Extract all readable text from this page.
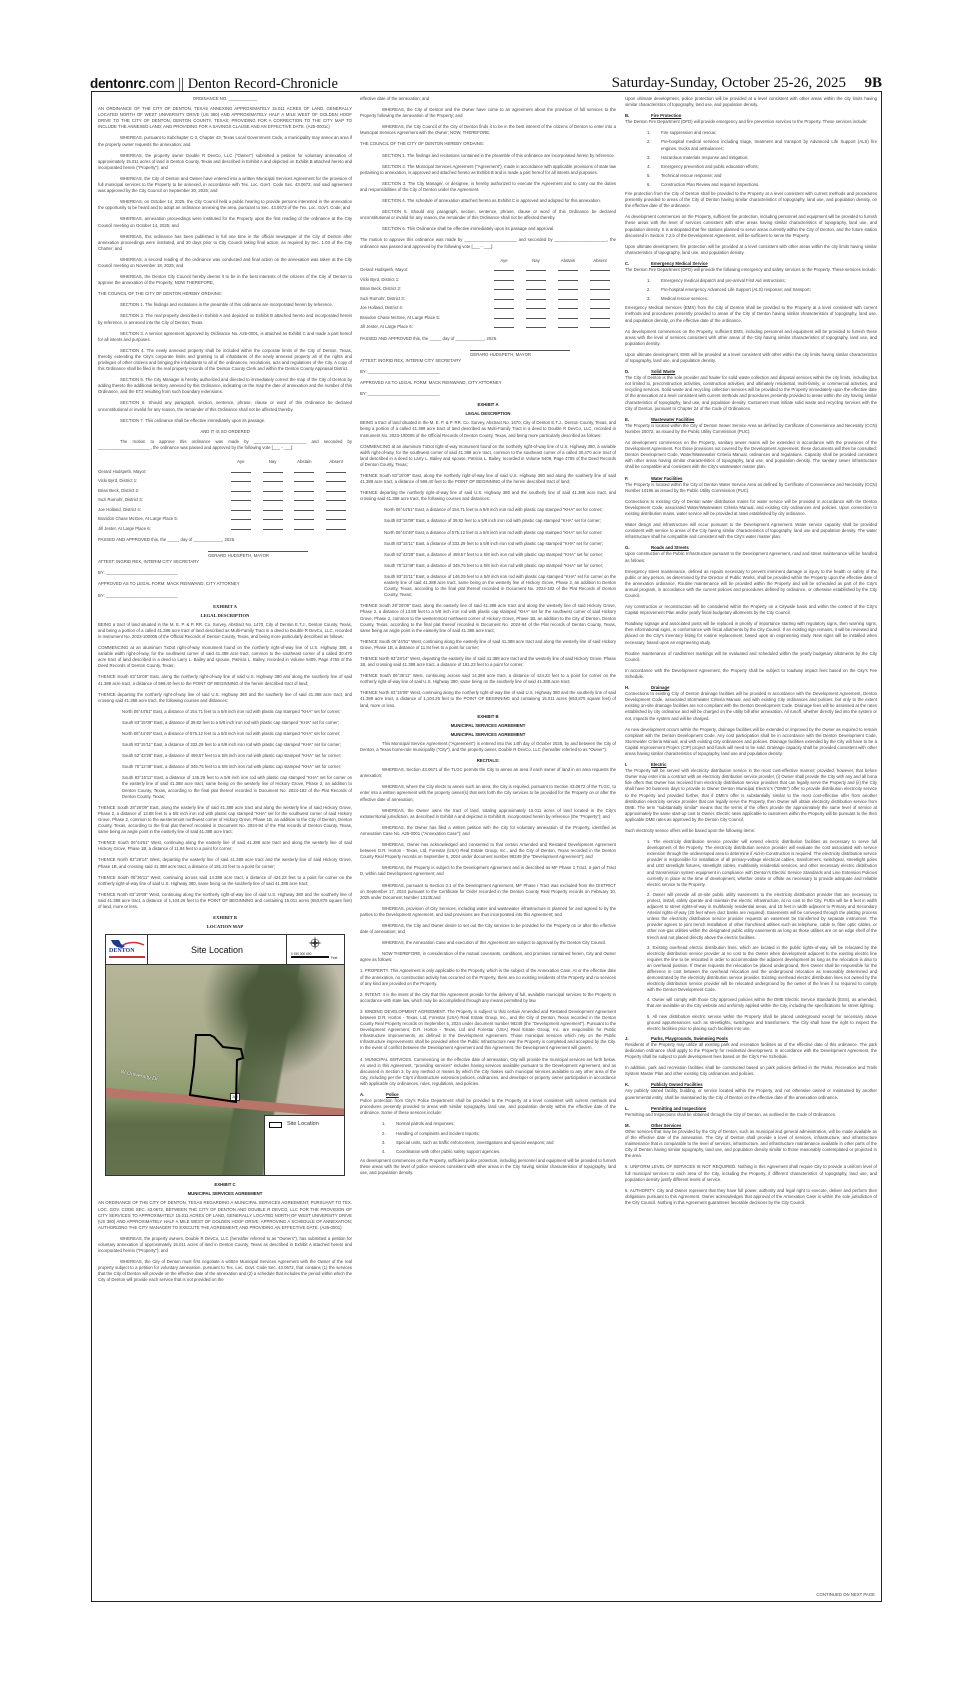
dentonrc.com || Denton Record-Chronicle	Saturday-Sunday, October 25-26, 2025 9B
ORDINANCE NO. ____________
AN ORDINANCE OF THE CITY OF DENTON, TEXAS ANNEXING APPROXIMATELY 15.011 ACRES OF LAND, GENERALLY LOCATED NORTH OF WEST UNIVERSITY DRIVE (US 380) AND APPROXIMATELY HALF A MILE WEST OF GOLDEN HOOF DRIVE TO THE CITY OF DENTON, DENTON COUNTY, TEXAS; PROVIDING FOR A CORRECTION TO THE CITY MAP TO INCLUDE THE ANNEXED LAND; AND PROVIDING FOR A SAVINGS CLAUSE AND AN EFFECTIVE DATE. (A25-0001c)
WHEREAS, pursuant to Subchapter C-3, Chapter 43, Texas Local Government Code, a municipality may annex an area if the property owner requests the annexation; and
WHEREAS, the property owner Double R DevCo, LLC ("Owner") submitted a petition for voluntary annexation of approximately 15.011 acres of land in Denton County, Texas and described in Exhibit A and depicted on Exhibit B attached hereto and incorporated herein ("Property"); and
WHEREAS, the City of Denton and Owner have entered into a written Municipal Services Agreement for the provision of full municipal services to the Property to be annexed, in accordance with Tex. Loc. Gov't. Code Sec. 43.0672, and said agreement was approved by the City Council on September 30, 2025; and
WHEREAS, on October 14, 2025, the City Council held a public hearing to provide persons interested in the annexation the opportunity to be heard and to adopt an ordinance annexing the area, pursuant to Sec. 43.0673 of the Tex. Loc. Gov't. Code; and
WHEREAS, annexation proceedings were instituted for the Property upon the first reading of the ordinance at the City Council meeting on October 14, 2025; and
WHEREAS, this ordinance has been published in full one time in the official newspaper of the City of Denton after annexation proceedings were instituted, and 30 days prior to City Council taking final action, as required by Sec. 1.03 of the City Charter; and
WHEREAS, a second reading of the ordinance was conducted and final action on the annexation was taken at the City Council meeting on November 18, 2025; and
WHEREAS, the Denton City Council hereby deems it to be in the best interests of the citizens of the City of Denton to approve the annexation of the Property; NOW THEREFORE,
THE COUNCIL OF THE CITY OF DENTON HEREBY ORDAINS:
SECTION 1. The findings and recitations in the preamble of this ordinance are incorporated herein by reference.
SECTION 2. The real property described in Exhibit A and depicted on Exhibit B attached hereto and incorporated herein by reference, is annexed into the City of Denton, Texas.
SECTION 3. A service agreement approved by Ordinance No. A25-0001, is attached as Exhibit C and made a part hereof for all intents and purposes.
SECTION 4. The newly annexed property shall be included within the corporate limits of the City of Denton, Texas, thereby extending the City's corporate limits and granting to all inhabitants of the newly annexed property all of the rights and privileges of other citizens and bringing the inhabitants to all of the ordinances, resolutions, acts and regulations of the City. A copy of this Ordinance shall be filed in the real property records of the Denton County Clerk and within the Denton County Appraisal District.
SECTION 5. The City Manager is hereby authorized and directed to immediately correct the map of the City of Denton by adding thereto the additional territory annexed by this Ordinance, indicating on the map the date of annexation and the number of this Ordinance, and the ETJ resulting from such boundary extensions.
SECTION 6. Should any paragraph, section, sentence, phrase, clause or word of this Ordinance be declared unconstitutional or invalid for any reason, the remainder of this Ordinance shall not be affected thereby.
SECTION 7. This ordinance shall be effective immediately upon its passage.
AND IT IS SO ORDERED
The motion to approve this ordinance was made by ______________________ and seconded by ______________________, the ordinance was passed and approved by the following vote [___ - ___]:
	Aye	Nay	Abstain	Absent
Gerard Hudspeth, Mayor:				
Vicki Byrd, District 1:				
Brian Beck, District 2:				
Suzi Rumohr, District 3:				
Joe Holland, District 4:				
Brandon Chase McGee, At Large Place 5:				
Jill Jester, At Large Place 6:				
PASSED AND APPROVED this, the _____ day of ____________, 2025.
GERARD HUDSPETH, MAYOR
ATTEST: INGRID REX, INTERIM CITY SECRETARY
BY: ______________________________
APPROVED AS TO LEGAL FORM: MACK REINWAND, CITY ATTORNEY
BY: ______________________________
EXHIBIT A
LEGAL DESCRIPTION
BEING a tract of land situated in the M. E. P. & P. RR. Co. Survey, Abstract No. 1470, City of Denton E.T.J., Denton County, Texas, and being a portion of a called 41.388 acre tract of land described as Multi-Family Tract in a deed to Double R DevCo, LLC, recorded in Instrument No. 2023-100005 of the Official Records of Denton County, Texas, and being more particularly described as follows:
COMMENCING at an aluminum TxDot right-of-way monument found on the northerly right-of-way line of U.S. Highway 380, a variable width right-of-way, for the southwest corner of said 41.388 acre tract, common to the southeast corner of a called 30.470 acre tract of land described in a deed to Larry L. Bailey and spouse, Patricia L. Bailey, recorded in Volume 5409, Page 4755 of the Deed Records of Denton County, Texas;
THENCE South 83°15'09" East, along the northerly right-of-way line of said U.S. Highway 380 and along the southerly line of said 41.388 acre tract, a distance of 599.40 feet to the POINT OF BEGINNING of the herein described tract of land;
THENCE departing the northerly right-of-way line of said U.S. Highway 380 and the southerly line of said 41.388 acre tract, and crossing said 41.388 acre tract, the following courses and distances:
North 06°44'51" East, a distance of 154.71 feet to a 5/8 inch iron rod with plastic cap stamped "KHA" set for corner;
South 83°15'09" East, a distance of 39.82 feet to a 5/8 inch iron rod with plastic cap stamped "KHA" set for corner;
North 06°44'49" East, a distance of 575.12 feet to a 5/8 inch iron rod with plastic cap stamped "KHA" set for corner;
South 83°15'11" East, a distance of 332.29 feet to a 5/8 inch iron rod with plastic cap stamped "KHA" set for corner;
South 52°43'28" East, a distance of 459.57 feet to a 5/8 inch iron rod with plastic cap stamped "KHA" set for corner;
South 75°12'48" East, a distance of 345.75 feet to a 5/8 inch iron rod with plastic cap stamped "KHA" set for corner;
South 83°15'11" East, a distance of 146.29 feet to a 5/8 inch iron rod with plastic cap stamped "KHA" set for corner on the easterly line of said 41.388 acre tract, same being on the westerly line of Hickory Grove, Phase 2, an addition to Denton County, Texas, according to the final plat thereof recorded in Document No. 2024-182 of the Plat Records of Denton County, Texas;
THENCE South 28°26'09" East, along the easterly line of said 41.388 acre tract and along the westerly line of said Hickory Grove, Phase 2, a distance of 13.88 feet to a 5/8 inch iron rod with plastic cap stamped "KHA" set for the southwest corner of said Hickory Grove, Phase 2, common to the westernmost northwest corner of Hickory Grove, Phase 1B, an addition to the City of Denton, Denton County, Texas, according to the final plat thereof recorded in Document No. 2024-94 of the Plat records of Denton County, Texas, same being an angle point in the easterly line of said 41.388 acre tract;
THENCE South 06°44'51" West, continuing along the easterly line of said 41.388 acre tract and along the westerly line of said Hickory Grove, Phase 1B, a distance of 11.84 feet to a point for corner;
THENCE North 83°28'14" West, departing the easterly line of said 41.388 acre tract and the westerly line of said Hickory Grove, Phase 1B, and crossing said 41.388 acre tract, a distance of 181.23 feet to a point for corner;
THENCE South 06°36'11" West, continuing across said 14.388 acre tract, a distance of 424.23 feet to a point for corner on the northerly right-of-way line of said U.S. Highway 380, same being on the southerly line of said 41.388 acre tract;
THENCE North 83°15'09" West, continuing along the northerly right-of-way line of said U.S. Highway 380 and the southerly line of said 41.388 acre tract, a distance of 1,104.26 feet to the POINT OF BEGINNING and containing 15.011 acres (653,875 square feet) of land, more or less.
EXHIBIT B
LOCATION MAP
DENTON	Site Location	0 150 300 600
Feet
W University Dr
380
Site Location
EXHIBIT C
MUNICIPAL SERVICES AGREEMENT
AN ORDINANCE OF THE CITY OF DENTON, TEXAS REGARDING A MUNICIPAL SERVICES AGREEMENT, PURSUANT TO TEX. LOC. GOV. CODE SEC. 43.0672, BETWEEN THE CITY OF DENTON AND DOUBLE R DEVCO, LLC FOR THE PROVISION OF CITY SERVICES TO APPROXIMATELY 15.011 ACRES OF LAND, GENERALLY LOCATED NORTH OF WEST UNIVERSITY DRIVE (US 380) AND APPROXIMATELY HALF A MILE WEST OF GOLDEN HOOF DRIVE; APPROVING A SCHEDULE OF ANNEXATION; AUTHORIZING THE CITY MANAGER TO EXECUTE THE AGREEMENT; AND PROVIDING AN EFFECTIVE DATE. (A25-0001)
WHEREAS, the property owners, Double R DevCo, LLC (hereafter referred to as "Owners"), has submitted a petition for voluntary annexation of approximately 15.011 acres of land in Denton County, Texas as described in Exhibit A attached hereto and incorporated herein ("Property"); and
WHEREAS, the City of Denton must first negotiate a written Municipal Services Agreement with the Owner of the real property subject to a petition for voluntary annexation, pursuant to Tex. Loc. Govt. Code Sec. 43.0672, that contains (1) the services that the City of Denton will provide on the effective date of the annexation and (2) a schedule that includes the period within which the City of Denton will provide each service that is not provided on the
effective date of the annexation; and
WHEREAS, the City of Denton and the Owner have come to an agreement about the provision of full services to the Property following the annexation of the Property; and
WHEREAS, the City Council of the City of Denton finds it to be in the best interest of the citizens of Denton to enter into a Municipal Services Agreement with the Owner; NOW, THEREFORE,
THE COUNCIL OF THE CITY OF DENTON HEREBY ORDAINS:
SECTION 1. The findings and recitations contained in the preamble of this ordinance are incorporated herein by reference.
SECTION 2. The Municipal Services Agreement ("Agreement"), made in accordance with applicable provisions of state law pertaining to annexation, is approved and attached hereto as Exhibit B and is made a part hereof for all intents and purposes.
SECTION 3. The City Manager, or designee, is hereby authorized to execute the Agreement and to carry out the duties and responsibilities of the City of Denton under the Agreement.
SECTION 4. The schedule of annexation attached hereto as Exhibit C is approved and adopted for this annexation.
SECTION 5. Should any paragraph, section, sentence, phrase, clause or word of this Ordinance be declared unconstitutional or invalid for any reason, the remainder of this Ordinance shall not be affected thereby.
SECTION 6. This Ordinance shall be effective immediately upon its passage and approval.
The motion to approve this ordinance was made by ______________________ and seconded by ______________________, the ordinance was passed and approved by the following vote [___ - ___]:
	Aye	Nay	Abstain	Absent
Gerard Hudspeth, Mayor:				
Vicki Byrd, District 1:				
Brian Beck, District 2:				
Suzi Rumohr, District 3:				
Joe Holland, District 4:				
Brandon Chase McGee, At Large Place 5:				
Jill Jester, At Large Place 6:				
PASSED AND APPROVED this, the _____ day of ____________, 2025.
GERARD HUDSPETH, MAYOR
ATTEST: INGRID REX, INTERIM CITY SECRETARY
BY: ______________________________
APPROVED AS TO LEGAL FORM: MACK REINWAND, CITY ATTORNEY
BY: ______________________________
EXHIBIT A
LEGAL DESCRIPTION
BEING a tract of land situated in the M. E. P. & P. RR. Co. Survey, Abstract No. 1470, City of Denton E.T.J., Denton County, Texas, and being a portion of a called 41.388 acre tract of land described as Multi-Family Tract in a deed to Double R DevCo, LLC, recorded in Instrument No. 2023-100005 of the Official Records of Denton County, Texas, and being more particularly described as follows:
COMMENCING at an aluminum TxDot right-of-way monument found on the northerly right-of-way line of U.S. Highway 380, a variable width right-of-way, for the southwest corner of said 41.388 acre tract, common to the southeast corner of a called 30.470 acre tract of land described in a deed to Larry L. Bailey and spouse, Patricia L. Bailey, recorded in Volume 5409, Page 4755 of the Deed Records of Denton County, Texas;
THENCE South 83°15'09" East, along the northerly right-of-way line of said U.S. Highway 380 and along the southerly line of said 41.388 acre tract, a distance of 599.40 feet to the POINT OF BEGINNING of the herein described tract of land;
THENCE departing the northerly right-of-way line of said U.S. Highway 380 and the southerly line of said 41.388 acre tract, and crossing said 41.388 acre tract, the following courses and distances:
North 06°44'51" East, a distance of 154.71 feet to a 5/8 inch iron rod with plastic cap stamped "KHA" set for corner;
South 83°15'09" East, a distance of 39.82 feet to a 5/8 inch iron rod with plastic cap stamped "KHA" set for corner;
North 06°44'49" East, a distance of 575.12 feet to a 5/8 inch iron rod with plastic cap stamped "KHA" set for corner;
South 83°15'11" East, a distance of 332.29 feet to a 5/8 inch iron rod with plastic cap stamped "KHA" set for corner;
South 52°43'28" East, a distance of 459.57 feet to a 5/8 inch iron rod with plastic cap stamped "KHA" set for corner;
South 75°12'48" East, a distance of 345.75 feet to a 5/8 inch iron rod with plastic cap stamped "KHA" set for corner;
South 83°15'11" East, a distance of 146.29 feet to a 5/8 inch iron rod with plastic cap stamped "KHA" set for corner on the easterly line of said 41.388 acre tract, same being on the westerly line of Hickory Grove, Phase 2, an addition to Denton County, Texas, according to the final plat thereof recorded in Document No. 2024-182 of the Plat Records of Denton County, Texas;
THENCE South 28°26'09" East, along the easterly line of said 41.388 acre tract and along the westerly line of said Hickory Grove, Phase 2, a distance of 13.88 feet to a 5/8 inch iron rod with plastic cap stamped "KHA" set for the southwest corner of said Hickory Grove, Phase 2, common to the westernmost northwest corner of Hickory Grove, Phase 1B, an addition to the City of Denton, Denton County, Texas, according to the final plat thereof recorded in Document No. 2024-94 of the Plat records of Denton County, Texas, same being an angle point in the easterly line of said 41.388 acre tract;
THENCE South 06°44'51" West, continuing along the easterly line of said 41.388 acre tract and along the westerly line of said Hickory Grove, Phase 1B, a distance of 11.84 feet to a point for corner;
THENCE North 83°28'14" West, departing the easterly line of said 41.388 acre tract and the westerly line of said Hickory Grove, Phase 1B, and crossing said 41.388 acre tract, a distance of 181.23 feet to a point for corner;
THENCE South 06°36'11" West, continuing across said 14.388 acre tract, a distance of 424.23 feet to a point for corner on the northerly right-of-way line of said U.S. Highway 380, same being on the southerly line of said 41.388 acre tract;
THENCE North 83°15'09" West, continuing along the northerly right-of-way line of said U.S. Highway 380 and the southerly line of said 41.388 acre tract, a distance of 1,104.26 feet to the POINT OF BEGINNING and containing 15.011 acres (653,875 square feet) of land, more or less.
EXHIBIT B
MUNICIPAL SERVICES AGREEMENT
MUNICIPAL SERVICES AGREEMENT
This Municipal Service Agreement ("Agreement") is entered into this 14th day of October 2025, by and between the City of Denton, a Texas home-rule municipality ("City"), and the property owner, Double R DevCo, LLC (hereafter referred to as "Owner").
RECITALS:
WHEREAS, Section 43.0671 of the TLGC permits the City to annex an area if each owner of land in an area requests the annexation;
WHEREAS, where the City elects to annex such an area, the City is required, pursuant to Section 43.0672 of the TLGC, to enter into a written agreement with the property owner(s) that sets forth the City services to be provided for the Property on or after the effective date of annexation;
WHEREAS, the Owner owns the tract of land, totaling approximately 15.011 acres of land located in the City's extraterritorial jurisdiction, as described in Exhibit A and depicted in Exhibit B, incorporated herein by reference (the "Property"); and
WHEREAS, the Owner has filed a written petition with the City for voluntary annexation of the Property, identified as Annexation Case No. A25-0001 ("Annexation Case"); and
WHEREAS, Owner has acknowledged and consented to that certain Amended and Restated Development Agreement between D.R. Horton - Texas, Ltd, Forestar (USA) Real Estate Group, Inc., and the City of Denton, Texas recorded in the Denton County Real Property records on September 5, 2024 under document number 98249 (the "Development Agreement"); and
WHEREAS, the Property is subject to the Development Agreement and is described as MF Phase 1 Tract, a part of Tract D, within said Development Agreement; and
WHEREAS, pursuant to Section 3.1 of the Development Agreement, MF Phase I Tract was excluded from the DISTRICT on September 17, 2024 pursuant to the Certificate for Order recorded in the Denton County Real Property records on February 10, 2025 under Document Number 13135;and
WHEREAS, provision of City Services, including water and wastewater infrastructure is planned for and agreed to by the parties to the Development Agreement, and said provisions are thus incorporated into this Agreement; and
WHEREAS, the City and Owner desire to set out the City services to be provided for the Property on or after the effective date of annexation; and
WHEREAS, the Annexation Case and execution of this Agreement are subject to approval by the Denton City Council.
NOW THEREFORE, in consideration of the mutual covenants, conditions, and promises contained herein, City and Owner agree as follows:
1. PROPERTY. This Agreement is only applicable to the Property, which is the subject of the Annexation Case. At or the effective date of the annexation, no construction activity has occurred on the Property, there are no existing residents of the Property and no services of any kind are provided on the Property.
2. INTENT. It is the intent of the City that this Agreement provide for the delivery of full, available municipal services to the Property in accordance with state law, which may be accomplished through any means permitted by law.
3. BINDING DEVELOPMENT AGREEMENT. The Property is subject to that certain Amended and Restated Development Agreement between D.R. Horton - Texas, Ltd, Forestar (USA) Real Estate Group, Inc., and the City of Denton, Texas recorded in the Denton County Real Property records on September 5, 2024 under document number 98249 (the "Development Agreement"). Pursuant to the Development Agreement, D.R. Horton - Texas, Ltd and Forestar (USA) Real Estate Group, Inc. are responsible for Public Infrastructure improvements, as defined in the Development Agreement. Those municipal services which rely on the Public Infrastructure improvements shall be provided when the Public Infrastructure near the Property is completed and accepted by the City. In the event of conflict between the Development Agreement and this Agreement, the Development Agreement will govern.
4. MUNICIPAL SERVICES. Commencing on the effective date of annexation, City will provide the municipal services set forth below. As used in this Agreement, "providing services" includes having services available pursuant to the Development Agreement, and as discussed in Section 3, by any method or means by which the City makes such municipal services available to any other area of the City, including per the City's infrastructure extension policies, ordinances, and developer or property owner participation in accordance with applicable city ordinances, rules, regulations, and policies.
A.	Police
Police protection from City's Police Department shall be provided to the Property at a level consistent with current methods and procedures presently provided to areas with similar topography, land use, and population density within the effective date of the ordinance. Some of these services include:
1.	Normal patrols and responses;
2.	Handling of complaints and incident reports;
3.	Special units, such as traffic enforcement, investigations and special weapons; and
4.	Coordination with other public safety support agencies.
As development commences on the Property, sufficient police protection, including personnel and equipment will be provided to furnish these areas with the level of police services consistent with other areas in the City having similar characteristics of topography, land use, and population density.
Upon ultimate development, police protection will be provided at a level consistent with other areas within the city limits having similar characteristics of topography, land use, and population density.
B.	Fire Protection
The Denton Fire Department (DFD) will provide emergency and fire prevention services to the Property. These services include:
1.	Fire suppression and rescue;
2.	Pre-hospital medical services including triage, treatment and transport by Advanced Life Support (ALS) fire engines, trucks and ambulances;
3.	Hazardous materials response and mitigation;
4.	Emergency prevention and public education efforts;
5.	Technical rescue response; and
6.	Construction Plan Review and required inspections.
Fire protection from the City of Denton shall be provided to the Property at a level consistent with current methods and procedures presently provided to areas of the City of Denton having similar characteristics of topography, land use, and population density, on the effective date of the ordinance.
As development commences on the Property, sufficient fire protection, including personnel and equipment will be provided to furnish these areas with the level of services consistent with other areas having similar characteristics of topography, land use, and population density. It is anticipated that fire stations planned to serve areas currently within the City of Denton, and the future station discussed in Section 7.2.b of the Development Agreement, will be sufficient to serve the Property.
Upon ultimate development, fire protection will be provided at a level consistent with other areas within the city limits having similar characteristics of topography, land use, and population density.
C.	Emergency Medical Service
The Denton Fire Department (DFD) will provide the following emergency and safety services to the Property. These services include:
1.	Emergency medical dispatch and pre-arrival First Aid instructions;
2.	Pre-hospital emergency Advanced Life Support (ALS) response; and transport;
3.	Medical rescue services.
Emergency Medical Services (EMS) from the City of Denton shall be provided to the Property at a level consistent with current methods and procedures presently provided to areas of the City of Denton having similar characteristics of topography, land use, and population density, on the effective date of the ordinance.
As development commences on the Property, sufficient EMS, including personnel and equipment will be provided to furnish these areas with the level of services consistent with other areas of the City having similar characteristics of topography, land use, and population density.
Upon ultimate development, EMS will be provided at a level consistent with other within the city limits having similar characteristics of topography, land use, and population density.
D.	Solid Waste
The City of Denton is the sole provider and hauler for solid waste collection and disposal services within the city limits, including but not limited to, preconstruction activities, construction activities, and ultimately residential, multi-family, or commercial activities, and recycling services. Solid waste and recycling collection services will be provided to the Property immediately upon the effective date of the annexation at a level consistent with current methods and procedures presently provided to areas within the city having similar characteristics of topography, land use, and population density. Customers must initiate solid waste and recycling services with the City of Denton, pursuant to Chapter 24 of the Code of Ordinances.
E.	Wastewater Facilities
The Property is located within the City of Denton Sewer Service Area as defined by Certificate of Convenience and Necessity (CCN) Number 20072, as issued by the Public Utility Commission (PUC).
As development commences on the Property, sanitary sewer mains will be extended in accordance with the provisions of the Development Agreement. For those provisions not covered by the Development Agreement, these documents will then be consulted: Denton Development Code, Water/Wastewater Criteria Manual, ordinances and regulations. Capacity shall be provided consistent with other areas having similar characteristics of topography, land use, and population density. The sanitary sewer infrastructure shall be compatible and consistent with the City's wastewater master plan.
F.	Water Facilities
The Property is located within the City of Denton Water Service Area as defined by Certificate of Convenience and Necessity (CCN) Number 10195 as issued by the Public Utility Commission (PUC).
Connections to existing City of Denton water distribution mains for water service will be provided in accordance with the Denton Development Code, associated Water/Wastewater Criteria Manual, and existing City ordinances and policies. Upon connection to existing distribution mains, water service will be provided at rates established by city ordinance.
Water design and infrastructure will occur pursuant to the Development Agreement. Water service capacity shall be provided consistent with service to areas of the City having similar characteristics of topography, land use and population density. The water infrastructure shall be compatible and consistent with the City's water master plan.
G.	Roads and Streets
Upon construction of the Public Infrastructure pursuant to the Development Agreement, road and street maintenance will be handled as follows:
Emergency street maintenance, defined as repairs necessary to prevent imminent damage or injury to the health or safety of the public or any person, as determined by the Director of Public Works, shall be provided within the Property upon the effective date of the annexation ordinance. Routine maintenance will be provided within the Property and will be scheduled as part of the City's annual program, in accordance with the current policies and procedures defined by ordinance, or otherwise established by the City Council.
Any construction or reconstruction will be considered within the Property on a Citywide basis and within the context of the City's Capital Improvement Plan and/or yearly fiscal budgetary allotments by the City Council.
Roadway signage and associated posts will be replaced in priority of importance starting with regulatory signs, then warning signs, then informational signs, in conformance with fiscal allotments by the City Council. If an existing sign remains, it will be reviewed and placed on the City's inventory listing for routine replacement, based upon an engineering study. New signs will be installed when necessary, based upon an engineering study.
Routine maintenance of road/street markings will be evaluated and scheduled within the yearly budgetary allotments by the City Council.
In accordance with the Development Agreement, the Property shall be subject to roadway impact fees based on the City's Fee Schedule.
H.	Drainage
Connections to existing City of Denton drainage facilities will be provided in accordance with the Development Agreement, Denton Development Code, associated Stormwater Criteria Manual, and with existing City ordinances and policies, but only to the extent existing on-site drainage facilities are not compliant with the Denton Development Code. Drainage fees will be assessed at the rates established by city ordinance and will be charged on the utility bill after annexation. All runoff, whether directly tied into the system or not, impacts the system and will be charged.
As new development occurs within the Property, drainage facilities will be extended or improved by the Owner as required to remain compliant with the Denton Development Code. Any cost participation shall be in accordance with the Denton Development Code, Stormwater Criteria Manual, and with existing City ordinances and policies. Drainage facilities extended by the City will have to be a Capital Improvement Project (CIP) project and funds will need to be sold. Drainage capacity shall be provided consistent with other areas having similar characteristics of topography, land use and population density.
I.	Electric
The Property will be served with electricity distribution service in the most cost-effective manner; provided, however, that before Owner may enter into a contract with an electricity distribution service provider, (i) Owner shall provide the City with any and all bona fide offers that Owner has received from electricity distribution service providers that can legally serve the Property and (ii) the City shall have 30 business days to provide to Owner Denton Municipal Electric's ("DME") offer to provide distribution electricity service to the Property and provided further, that if DME's offer is substantially similar to the most cost-effective offer from another distribution electricity service provider that can legally serve the Property, then Owner will obtain electricity distribution service from DME. The term "substantially similar" means that the terms of the offers provide the approximately the same level of service at approximately the same start-up cost to Owner. Electric rates applicable to customers within the Property will be pursuant to the then applicable DME rates as approved by the Denton City Council.
Such electricity service offers will be based upon the following items:
1. The electricity distribution service provider will extend electric distribution facilities as necessary to serve full development of the Property. The electricity distribution service provider will evaluate the cost associated with service extension through the undeveloped area to determine if Aid-in-Construction is required. The electricity distribution service provider is responsible for installation of all primary-voltage electrical cables, transformers, switchgear, streetlight poles and LED streetlight fixtures, streetlight cables, multifamily residential services, and other necessary electric distribution and transmission system equipment in compliance with Denton's Electric Service Standards and Line Extension Policies currently in place at the time of development, whether onsite or offsite as necessary to provide adequate and reliable electric service to the Property.
2. Owner will provide all on-site public utility easements to the electricity distribution provider that are necessary to protect, install, safely operate and maintain the electric infrastructure, at no cost to the City. PUEs will be 8 feet in width adjacent to street rights-of-way in multifamily residential areas, and 15 feet in width adjacent to Primary and Secondary Arterial rights-of-way (20 feet where duct banks are required). Easements will be conveyed through the platting process unless the electricity distribution service provider requests an easement be transferred by separate instrument. The provider agrees to joint trench installation of other franchised utilities such as telephone, cable tv, fiber optic cables, or other non-gas utilities within the designated public utility easements as long as those utilities are on an edge shelf of the trench and not placed directly above the electric facilities.
3. Existing overhead electric distribution lines, which are located in the public rights-of-way, will be relocated by the electricity distribution service provider at no cost to the Owner when development adjacent to the existing electric line requires the line to be relocated in order to accommodate the adjacent development as long as the relocation is also to an overhead position. If Owner requests the relocation be placed underground, then Owner shall be responsible for the difference in cost between the overhead relocation and the underground relocation as reasonably determined and demonstrated by the electricity distribution service provider. Existing overhead electric distribution lines not owned by the electricity distribution service provider will be relocated underground by the owner of the lines if so required to comply with the Denton Development Code.
4. Owner will comply with those City approved policies within the DME Electric Service Standards (ESS), as amended, that are available on the City website and uniformly applied within the City, including the specifications for street lighting.
5. All new distribution electric service within the Property shall be placed underground except for necessary above ground appurtenances such as streetlights, switchgear and transformers. The City shall have the right to inspect the electric facilities prior to placing such facilities into use.
J.	Parks, Playgrounds, Swimming Pools
Residents of the Property may utilize all existing park and recreation facilities as of the effective date of this ordinance. The park dedication ordinance shall apply to the Property for residential development. In accordance with the Development Agreement, the Property shall be subject to park development fees based on the City's Fee Schedule.
In addition, park and recreation facilities shall be constructed based on park policies defined in the Parks, Recreation and Trails System Master Plan and other existing City ordinances and policies.
K.	Publicly Owned Facilities
Any publicly owned facility, building, or service located within the Property, and not otherwise owned or maintained by another governmental entity, shall be maintained by the City of Denton on the effective date of the annexation ordinance.
L.	Permitting and Inspections
Permitting and Inspections shall be obtained through the City of Denton, as outlined in the Code of Ordinances.
M.	Other Services
Other services that may be provided by the City of Denton, such as municipal and general administration, will be made available as of the effective date of the annexation. The City of Denton shall provide a level of services, infrastructure, and infrastructure maintenance that is comparable to the level of services, infrastructure, and infrastructure maintenance available in other parts of the City of Denton having similar topography, land use, and population density similar to those reasonably contemplated or projected in the area.
5. UNIFORM LEVEL OF SERVICES IS NOT REQUIRED. Nothing in this Agreement shall require City to provide a uniform level of full municipal services to each area of the City, including the Property, if different characteristics of topography, land use, and population density justify different levels of service.
6. AUTHORITY. City and Owner represent that they have full power, authority and legal right to execute, deliver and perform their obligations pursuant to this Agreement. Owner acknowledges that approval of the Annexation Case is within the sole jurisdiction of the City Council. Nothing in this Agreement guarantees favorable decisions by the City Council.
CONTINUED ON NEXT PAGE
